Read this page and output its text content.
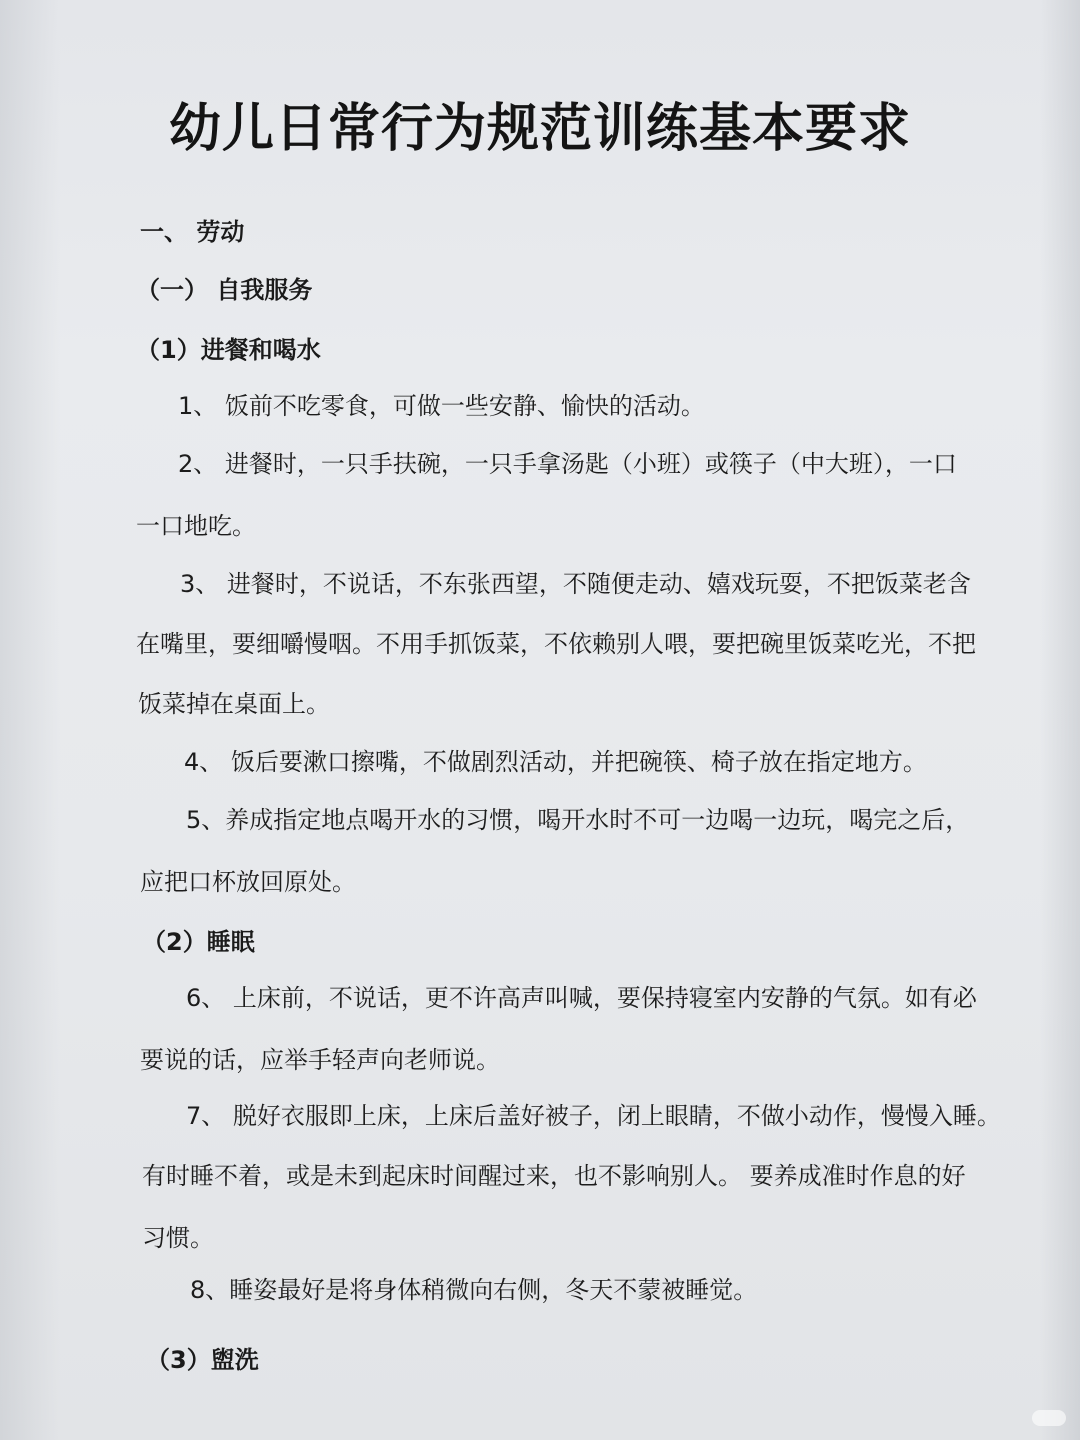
幼儿日常行为规范训练基本要求
一、 劳动
（一） 自我服务
（1）进餐和喝水
1、 饭前不吃零食，可做一些安静、愉快的活动。
2、 进餐时，一只手扶碗，一只手拿汤匙（小班）或筷子（中大班），一口
一口地吃。
3、 进餐时，不说话，不东张西望，不随便走动、嬉戏玩耍，不把饭菜老含
在嘴里，要细嚼慢咽。不用手抓饭菜，不依赖别人喂，要把碗里饭菜吃光，不把
饭菜掉在桌面上。
4、 饭后要漱口擦嘴，不做剧烈活动，并把碗筷、椅子放在指定地方。
5、养成指定地点喝开水的习惯，喝开水时不可一边喝一边玩，喝完之后，
应把口杯放回原处。
（2）睡眠
6、 上床前，不说话，更不许高声叫喊，要保持寝室内安静的气氛。如有必
要说的话，应举手轻声向老师说。
7、 脱好衣服即上床，上床后盖好被子，闭上眼睛，不做小动作，慢慢入睡。
有时睡不着，或是未到起床时间醒过来，也不影响别人。 要养成准时作息的好
习惯。
8、睡姿最好是将身体稍微向右侧，冬天不蒙被睡觉。
（3）盥洗
